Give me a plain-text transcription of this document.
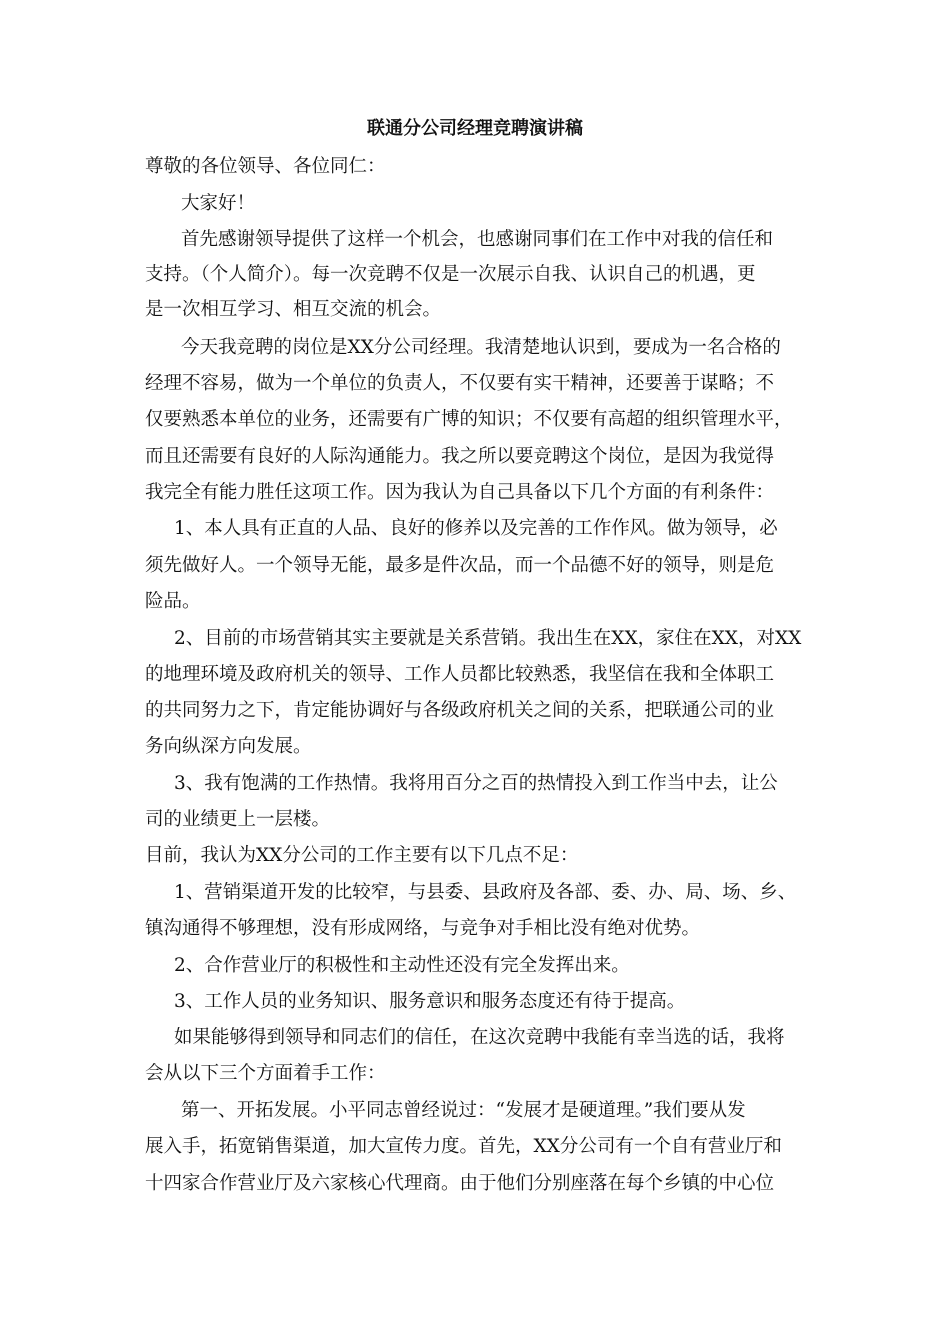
联通分公司经理竞聘演讲稿
尊敬的各位领导、各位同仁：
大家好！
首先感谢领导提供了这样一个机会，也感谢同事们在工作中对我的信任和
支持。（个人简介）。每一次竞聘不仅是一次展示自我、认识自己的机遇，更
是一次相互学习、相互交流的机会。
今天我竞聘的岗位是XX分公司经理。我清楚地认识到，要成为一名合格的
经理不容易，做为一个单位的负责人，不仅要有实干精神，还要善于谋略；不
仅要熟悉本单位的业务，还需要有广博的知识；不仅要有高超的组织管理水平，
而且还需要有良好的人际沟通能力。我之所以要竞聘这个岗位，是因为我觉得
我完全有能力胜任这项工作。因为我认为自己具备以下几个方面的有利条件：
1、本人具有正直的人品、良好的修养以及完善的工作作风。做为领导，必
须先做好人。一个领导无能，最多是件次品，而一个品德不好的领导，则是危
险品。
2、目前的市场营销其实主要就是关系营销。我出生在XX，家住在XX，对XX
的地理环境及政府机关的领导、工作人员都比较熟悉，我坚信在我和全体职工
的共同努力之下，肯定能协调好与各级政府机关之间的关系，把联通公司的业
务向纵深方向发展。
3、我有饱满的工作热情。我将用百分之百的热情投入到工作当中去，让公
司的业绩更上一层楼。
目前，我认为XX分公司的工作主要有以下几点不足：
1、营销渠道开发的比较窄，与县委、县政府及各部、委、办、局、场、乡、
镇沟通得不够理想，没有形成网络，与竞争对手相比没有绝对优势。
2、合作营业厅的积极性和主动性还没有完全发挥出来。
3、工作人员的业务知识、服务意识和服务态度还有待于提高。
如果能够得到领导和同志们的信任，在这次竞聘中我能有幸当选的话，我将
会从以下三个方面着手工作：
第一、开拓发展。小平同志曾经说过：“发展才是硬道理。”我们要从发
展入手，拓宽销售渠道，加大宣传力度。首先，XX分公司有一个自有营业厅和
十四家合作营业厅及六家核心代理商。由于他们分别座落在每个乡镇的中心位
